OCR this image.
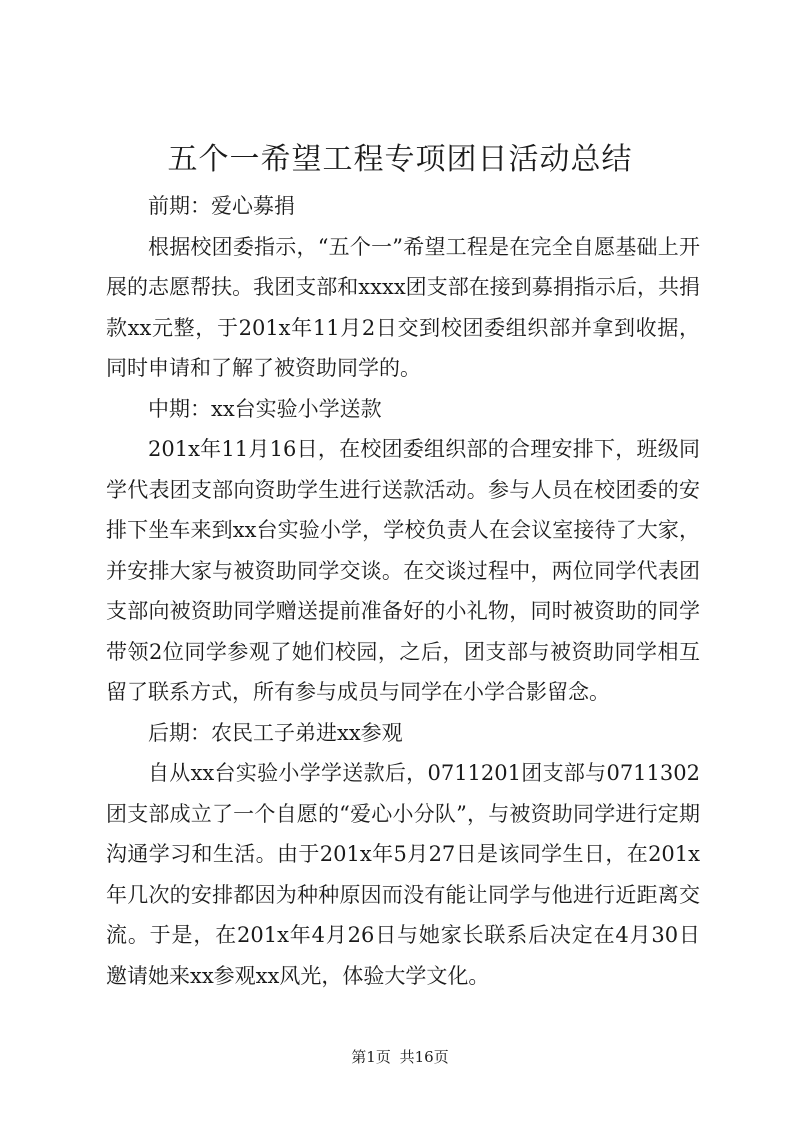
五个一希望工程专项团日活动总结

前期：爱心募捐

根据校团委指示，“五个一”希望工程是在完全自愿基础上开展的志愿帮扶。我团支部和xxxx团支部在接到募捐指示后，共捐款xx元整，于201x年11月2日交到校团委组织部并拿到收据，同时申请和了解了被资助同学的。

中期：xx台实验小学送款

201x年11月16日，在校团委组织部的合理安排下，班级同学代表团支部向资助学生进行送款活动。参与人员在校团委的安排下坐车来到xx台实验小学，学校负责人在会议室接待了大家，并安排大家与被资助同学交谈。在交谈过程中，两位同学代表团支部向被资助同学赠送提前准备好的小礼物，同时被资助的同学带领2位同学参观了她们校园，之后，团支部与被资助同学相互留了联系方式，所有参与成员与同学在小学合影留念。

后期：农民工子弟进xx参观

自从xx台实验小学学送款后，0711201团支部与0711302团支部成立了一个自愿的“爱心小分队”，与被资助同学进行定期沟通学习和生活。由于201x年5月27日是该同学生日，在201x年几次的安排都因为种种原因而没有能让同学与他进行近距离交流。于是，在201x年4月26日与她家长联系后决定在4月30日邀请她来xx参观xx风光，体验大学文化。

第1页 共16页
